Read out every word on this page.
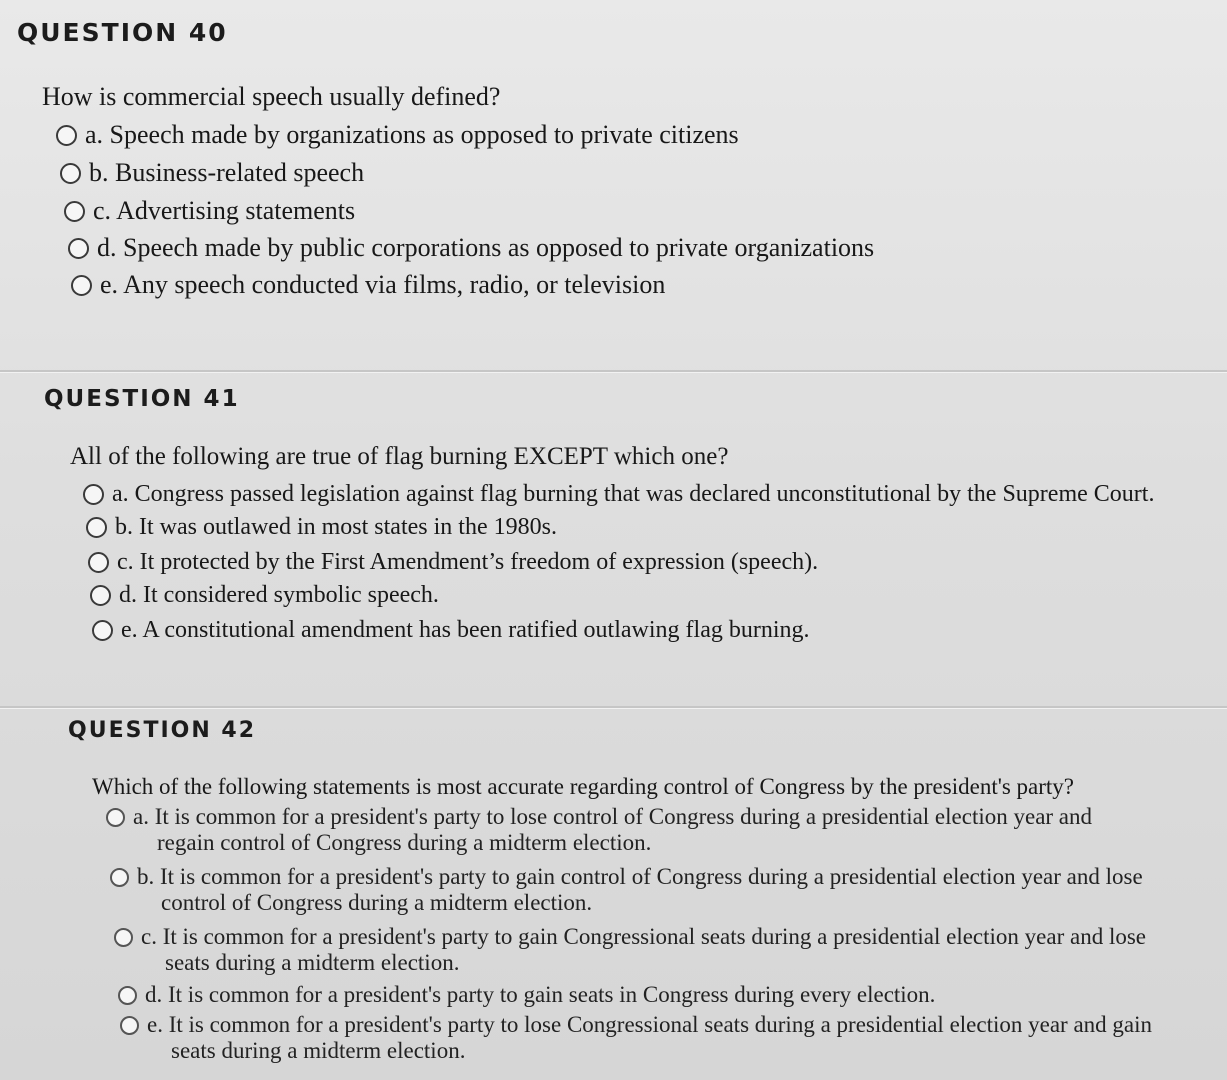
QUESTION 40
How is commercial speech usually defined?
a. Speech made by organizations as opposed to private citizens
b. Business-related speech
c. Advertising statements
d. Speech made by public corporations as opposed to private organizations
e. Any speech conducted via films, radio, or television
QUESTION 41
All of the following are true of flag burning EXCEPT which one?
a. Congress passed legislation against flag burning that was declared unconstitutional by the Supreme Court.
b. It was outlawed in most states in the 1980s.
c. It protected by the First Amendment’s freedom of expression (speech).
d. It considered symbolic speech.
e. A constitutional amendment has been ratified outlawing flag burning.
QUESTION 42
Which of the following statements is most accurate regarding control of Congress by the president's party?
a. It is common for a president's party to lose control of Congress during a presidential election year and
regain control of Congress during a midterm election.
b. It is common for a president's party to gain control of Congress during a presidential election year and lose
control of Congress during a midterm election.
c. It is common for a president's party to gain Congressional seats during a presidential election year and lose
seats during a midterm election.
d. It is common for a president's party to gain seats in Congress during every election.
e. It is common for a president's party to lose Congressional seats during a presidential election year and gain
seats during a midterm election.
